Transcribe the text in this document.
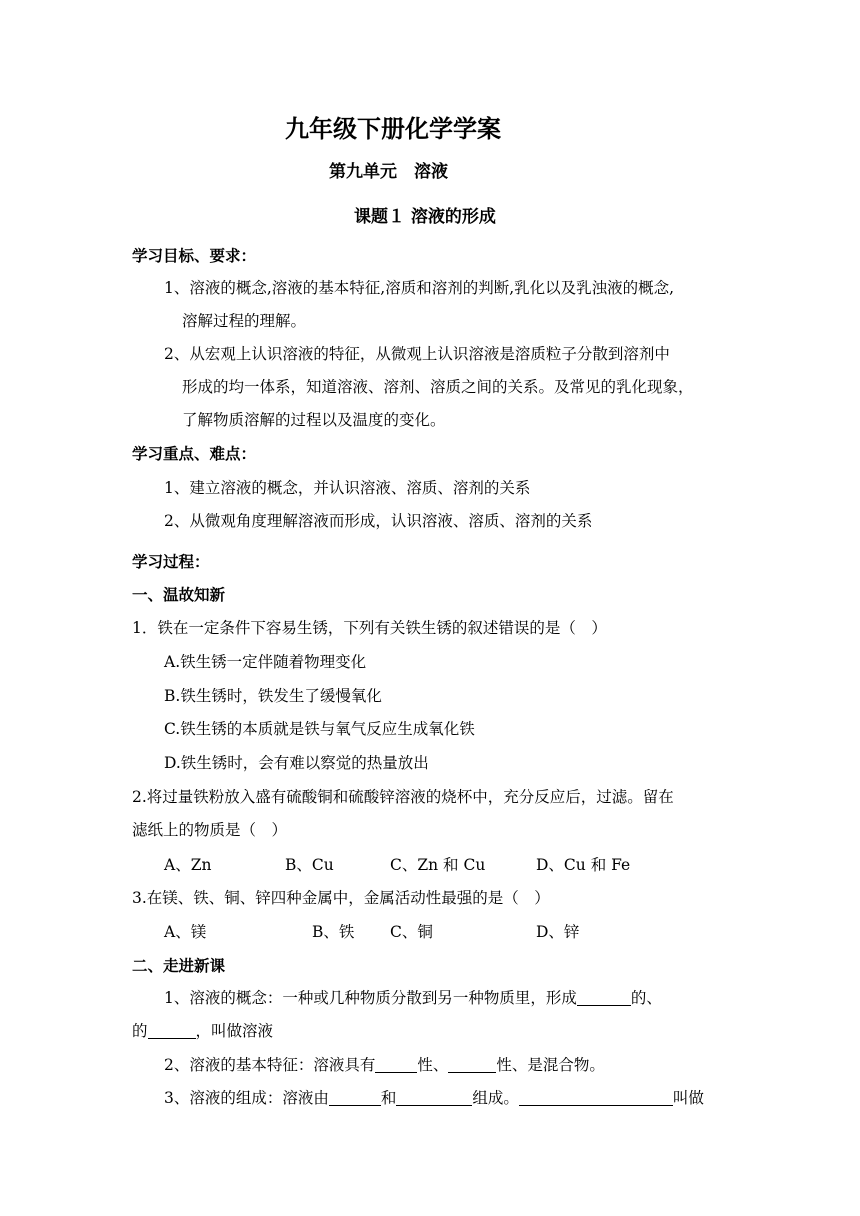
九年级下册化学学案
第九单元　溶液
课题１ 溶液的形成
学习目标、要求：
1、溶液的概念,溶液的基本特征,溶质和溶剂的判断,乳化以及乳浊液的概念,
溶解过程的理解。
2、从宏观上认识溶液的特征，从微观上认识溶液是溶质粒子分散到溶剂中
形成的均一体系，知道溶液、溶剂、溶质之间的关系。及常见的乳化现象，
了解物质溶解的过程以及温度的变化。
学习重点、难点：
1、建立溶液的概念，并认识溶液、溶质、溶剂的关系
2、从微观角度理解溶液而形成，认识溶液、溶质、溶剂的关系
学习过程：
一、温故知新
1．铁在一定条件下容易生锈，下列有关铁生锈的叙述错误的是（　）
A.铁生锈一定伴随着物理变化
B.铁生锈时，铁发生了缓慢氧化
C.铁生锈的本质就是铁与氧气反应生成氧化铁
D.铁生锈时，会有难以察觉的热量放出
2.将过量铁粉放入盛有硫酸铜和硫酸锌溶液的烧杯中，充分反应后，过滤。留在
滤纸上的物质是（　）
A、Zn	B、Cu	C、Zn 和 Cu	D、Cu 和 Fe
3.在镁、铁、铜、锌四种金属中，金属活动性最强的是（　）
A、镁	B、铁 C、铜	D、锌
二、走进新课
1、溶液的概念：一种或几种物质分散到另一种物质里，形成	的、
的	，叫做溶液
2、溶液的基本特征：溶液具有	性、	性、是混合物。
3、溶液的组成：溶液由	和	组成。	叫做
